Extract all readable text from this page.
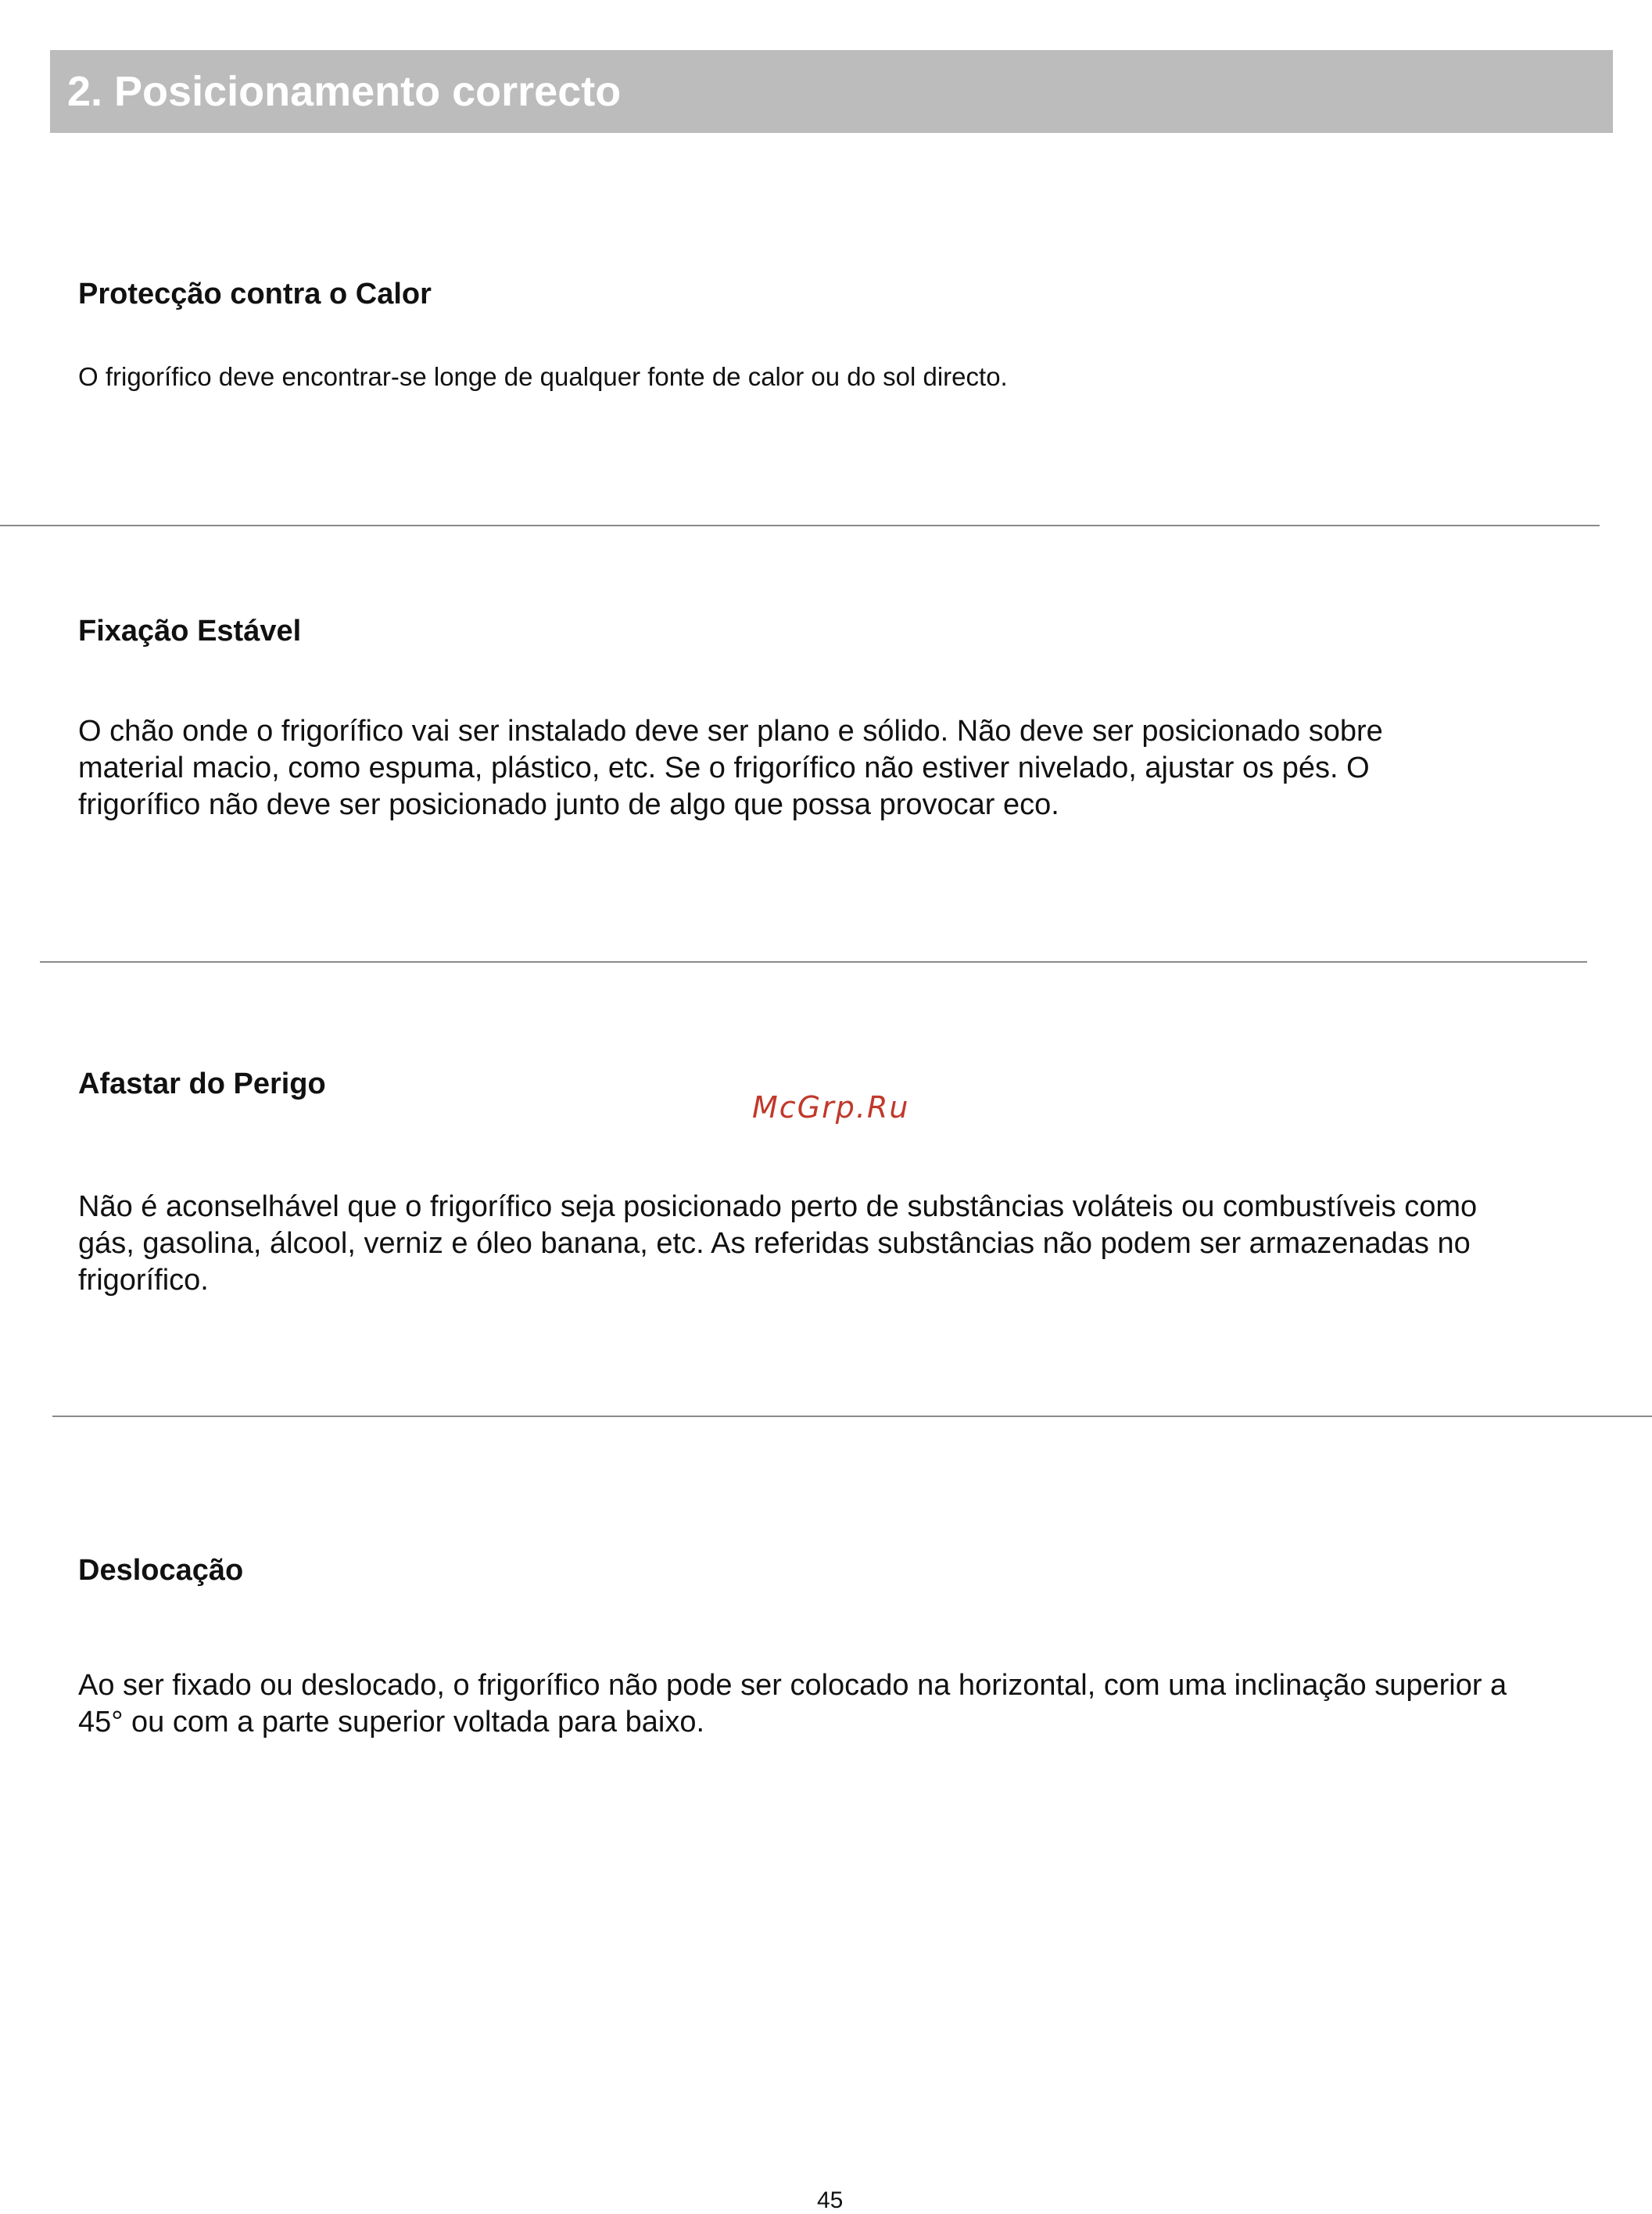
2. Posicionamento correcto
Protecção contra o Calor
O frigorífico deve encontrar-se longe de qualquer fonte de calor ou do sol directo.
Fixação Estável
O chão onde o frigorífico vai ser instalado deve ser plano e sólido. Não deve ser posicionado sobre
material macio, como espuma, plástico, etc. Se o frigorífico não estiver nivelado, ajustar os pés. O
frigorífico não deve ser posicionado junto de algo que possa provocar eco.
Afastar do Perigo
McGrp.Ru
Não é aconselhável que o frigorífico seja posicionado perto de substâncias voláteis ou combustíveis como
gás, gasolina, álcool, verniz e óleo banana, etc. As referidas substâncias não podem ser armazenadas no
frigorífico.
Deslocação
Ao ser fixado ou deslocado, o frigorífico não pode ser colocado na horizontal, com uma inclinação superior a
45° ou com a parte superior voltada para baixo.
45
